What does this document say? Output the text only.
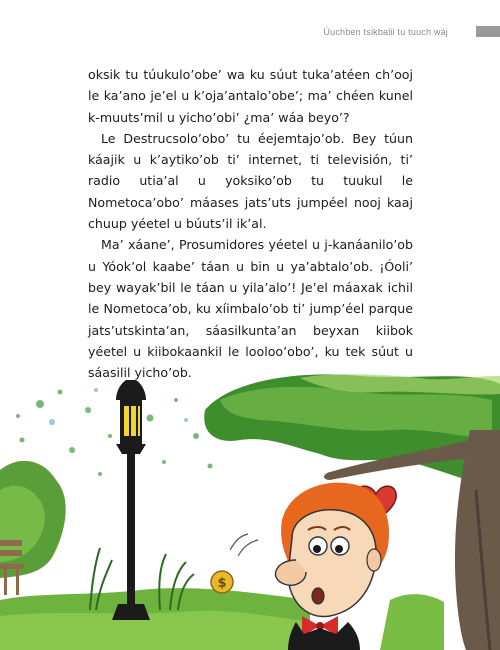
Úuchben tsikbalil tu tuuch wáj

oksik tu túukulo’obe’ wa ku súut tuka’atéen ch’ooj le ka’ano je’el u k’oja’antalo’obe’; ma’ chéen kunel k-muuts’mil u yicho’obi’ ¿ma’ wáa beyo’?

Le Destrucsolo’obo’ tu éejemtajo’ob. Bey túun káajik u k’aytiko’ob ti’ internet, ti televisión, ti’ radio utia’al u yoksiko’ob tu tuukul le Nometoca’obo’ máases jats’uts jumpéel nooj kaaj chuup yéetel u búuts’il ik’al.

Ma’ xáane’, Prosumidores yéetel u j-kanáanilo’ob u Yóok’ol kaabe’ táan u bin u ya’abtalo’ob. ¡Óoli’ bey wayak’bil le táan u yila’alo’! Je’el máaxak ichil le Nometoca’ob, ku xíimbalo’ob ti’ jump’éel parque jats’utskinta’an, sáasilkunta’an beyxan kiibok yéetel u kiibokaankil le looloo’obo’, ku tek súut u sáasilil yicho’ob.

$
